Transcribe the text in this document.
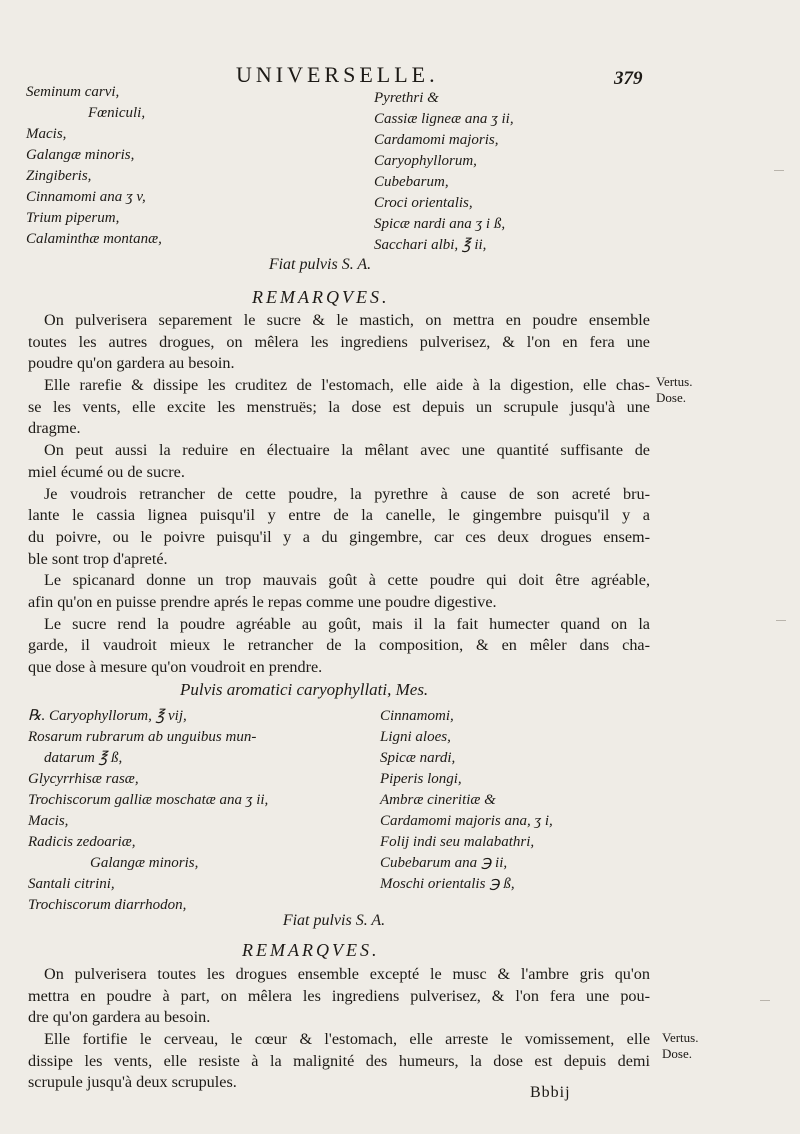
UNIVERSELLE.	379
Seminum carvi,
Fœniculi,
Macis,
Galangæ minoris,
Zingiberis,
Cinnamomi ana ʒ v,
Trium piperum,
Calaminthæ montanæ,
Pyrethri &
Cassiæ ligneæ ana ʒ ii,
Cardamomi majoris,
Caryophyllorum,
Cubebarum,
Croci orientalis,
Spicæ nardi ana ʒ i ß,
Sacchari albi, ℥ ii,
Fiat pulvis S. A.
REMARQVES.
On pulverisera separement le sucre & le mastich, on mettra en poudre ensemble
toutes les autres drogues, on mêlera les ingrediens pulverisez, & l'on en fera une
poudre qu'on gardera au besoin.
Elle rarefie & dissipe les cruditez de l'estomach, elle aide à la digestion, elle chas-
se les vents, elle excite les menstruës; la dose est depuis un scrupule jusqu'à une
dragme.
On peut aussi la reduire en électuaire la mêlant avec une quantité suffisante de
miel écumé ou de sucre.
Je voudrois retrancher de cette poudre, la pyrethre à cause de son acreté bru-
lante le cassia lignea puisqu'il y entre de la canelle, le gingembre puisqu'il y a
du poivre, ou le poivre puisqu'il y a du gingembre, car ces deux drogues ensem-
ble sont trop d'apreté.
Le spicanard donne un trop mauvais goût à cette poudre qui doit être agréable,
afin qu'on en puisse prendre aprés le repas comme une poudre digestive.
Le sucre rend la poudre agréable au goût, mais il la fait humecter quand on la
garde, il vaudroit mieux le retrancher de la composition, & en mêler dans cha-
que dose à mesure qu'on voudroit en prendre.
Vertus.
Dose.
Pulvis aromatici caryophyllati, Mes.
℞. Caryophyllorum, ℥ vij,
Rosarum rubrarum ab unguibus mun-
datarum ℥ ß,
Glycyrrhisæ rasæ,
Trochiscorum galliæ moschatæ ana ʒ ii,
Macis,
Radicis zedoariæ,
Galangæ minoris,
Santali citrini,
Trochiscorum diarrhodon,
Cinnamomi,
Ligni aloes,
Spicæ nardi,
Piperis longi,
Ambræ cineritiæ &
Cardamomi majoris ana, ʒ i,
Folij indi seu malabathri,
Cubebarum ana ℈ ii,
Moschi orientalis ℈ ß,
Fiat pulvis S. A.
REMARQVES.
On pulverisera toutes les drogues ensemble excepté le musc & l'ambre gris qu'on
mettra en poudre à part, on mêlera les ingrediens pulverisez, & l'on fera une pou-
dre qu'on gardera au besoin.
Elle fortifie le cerveau, le cœur & l'estomach, elle arreste le vomissement, elle
dissipe les vents, elle resiste à la malignité des humeurs, la dose est depuis demi
scrupule jusqu'à deux scrupules.
Vertus.
Dose.
Bbbij
